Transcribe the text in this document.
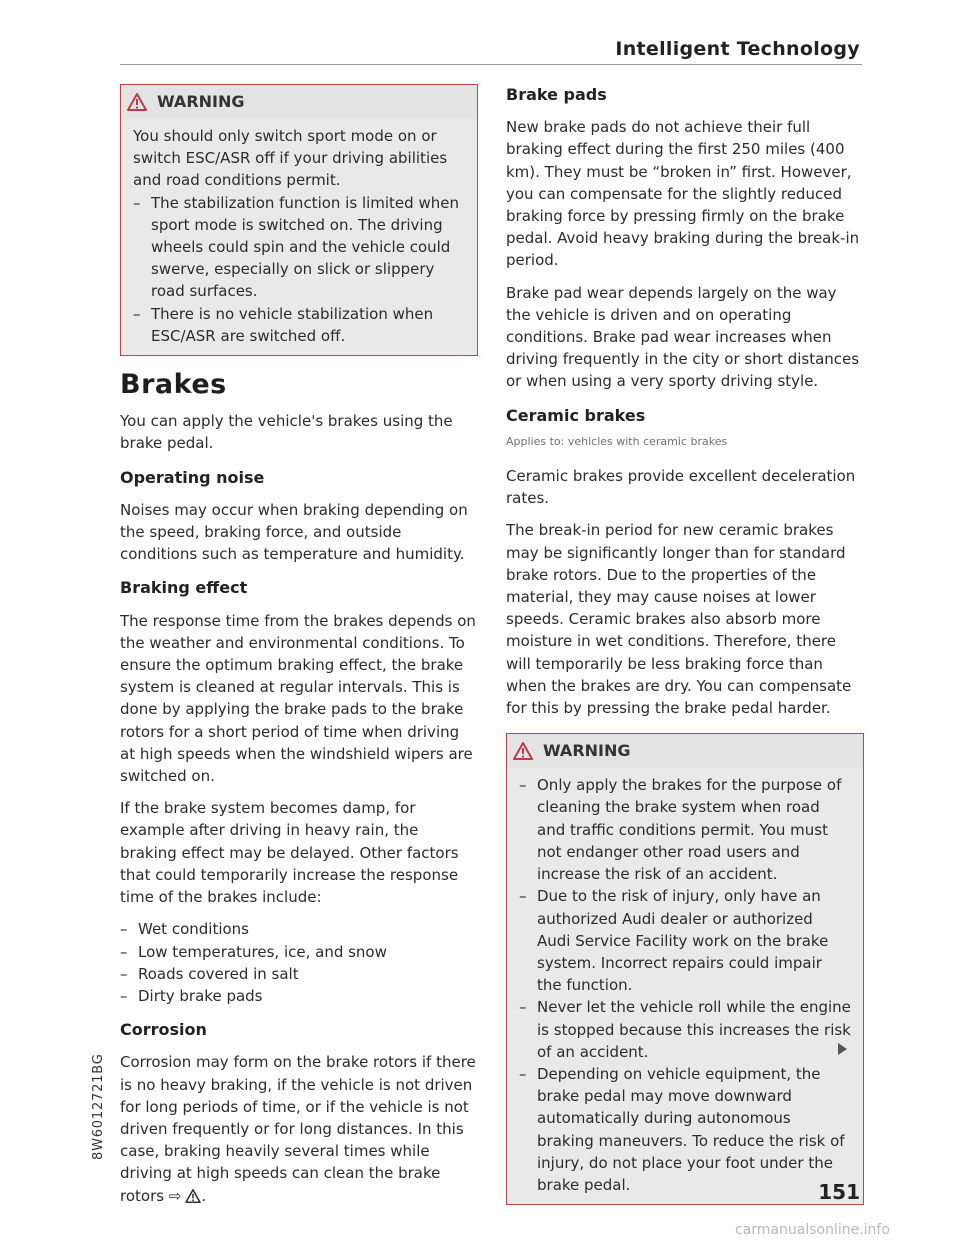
Intelligent Technology
WARNING

You should only switch sport mode on or switch ESC/ASR off if your driving abilities and road conditions permit.

– The stabilization function is limited when sport mode is switched on. The driving wheels could spin and the vehicle could swerve, especially on slick or slippery road surfaces.
– There is no vehicle stabilization when ESC/ASR are switched off.
Brakes

You can apply the vehicle's brakes using the brake pedal.

Operating noise

Noises may occur when braking depending on the speed, braking force, and outside conditions such as temperature and humidity.

Braking effect

The response time from the brakes depends on the weather and environmental conditions. To ensure the optimum braking effect, the brake system is cleaned at regular intervals. This is done by applying the brake pads to the brake rotors for a short period of time when driving at high speeds when the windshield wipers are switched on.

If the brake system becomes damp, for example after driving in heavy rain, the braking effect may be delayed. Other factors that could temporarily increase the response time of the brakes include:

– Wet conditions
– Low temperatures, ice, and snow
– Roads covered in salt
– Dirty brake pads
Corrosion

Corrosion may form on the brake rotors if there is no heavy braking, if the vehicle is not driven for long periods of time, or if the vehicle is not driven frequently or for long distances. In this case, braking heavily several times while driving at high speeds can clean the brake rotors ⇨ .

Brake pads

New brake pads do not achieve their full braking effect during the first 250 miles (400 km). They must be “broken in” first. However, you can compensate for the slightly reduced braking force by pressing firmly on the brake pedal. Avoid heavy braking during the break-in period.

Brake pad wear depends largely on the way the vehicle is driven and on operating conditions. Brake pad wear increases when driving frequently in the city or short distances or when using a very sporty driving style.

Ceramic brakes
Applies to: vehicles with ceramic brakes

Ceramic brakes provide excellent deceleration rates.

The break-in period for new ceramic brakes may be significantly longer than for standard brake rotors. Due to the properties of the material, they may cause noises at lower speeds. Ceramic brakes also absorb more moisture in wet conditions. Therefore, there will temporarily be less braking force than when the brakes are dry. You can compensate for this by pressing the brake pedal harder.

WARNING
– Only apply the brakes for the purpose of cleaning the brake system when road and traffic conditions permit. You must not endanger other road users and increase the risk of an accident.
– Due to the risk of injury, only have an authorized Audi dealer or authorized Audi Service Facility work on the brake system. Incorrect repairs could impair the function.
– Never let the vehicle roll while the engine is stopped because this increases the risk of an accident.
– Depending on vehicle equipment, the brake pedal may move downward automatically during autonomous braking maneuvers. To reduce the risk of injury, do not place your foot under the brake pedal.
8W6012721BG
151
carmanualsonline.info
